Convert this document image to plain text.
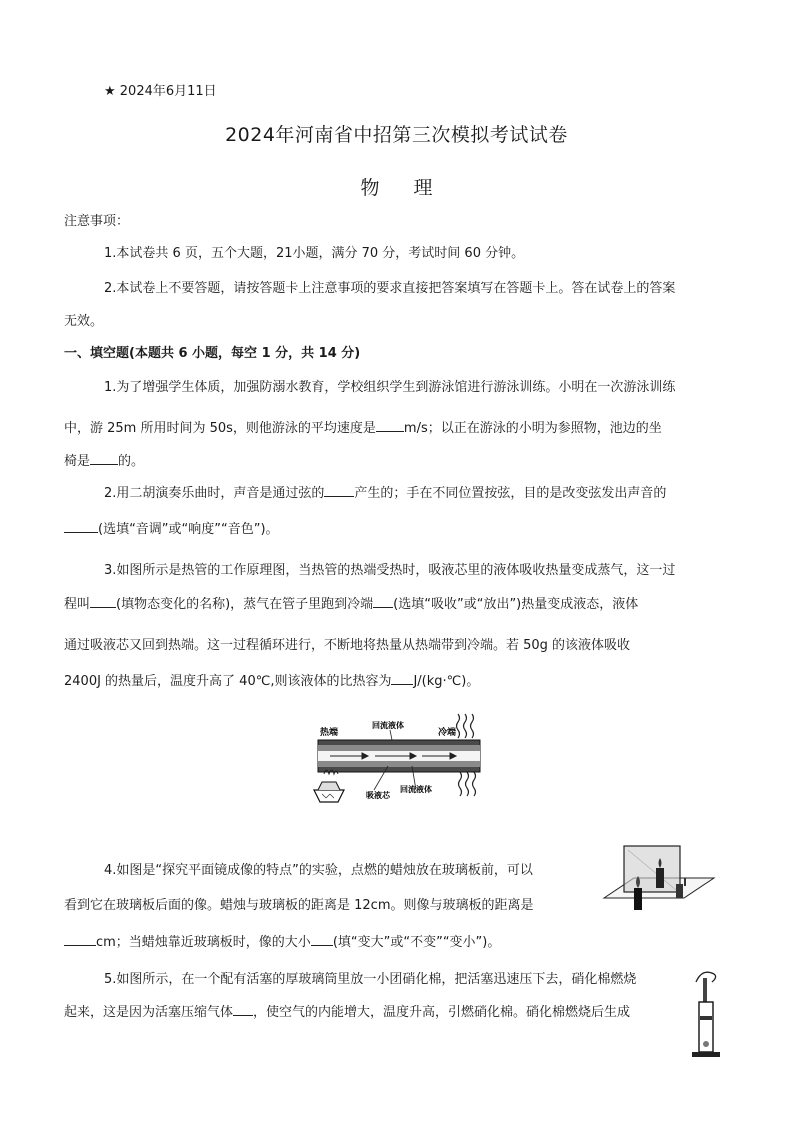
★ 2024年6月11日
2024年河南省中招第三次模拟考试试卷
物 理
注意事项：
1.本试卷共 6 页，五个大题，21小题，满分 70 分，考试时间 60 分钟。
2.本试卷上不要答题，请按答题卡上注意事项的要求直接把答案填写在答题卡上。答在试卷上的答案
无效。
一、填空题(本题共 6 小题，每空 1 分，共 14 分)
1.为了增强学生体质，加强防溺水教育，学校组织学生到游泳馆进行游泳训练。小明在一次游泳训练
中，游 25m 所用时间为 50s，则他游泳的平均速度是 m/s；以正在游泳的小明为参照物，池边的坐
椅是 的。
2.用二胡演奏乐曲时，声音是通过弦的 产生的；手在不同位置按弦，目的是改变弦发出声音的
(选填“音调”或“响度”“音色”)。
3.如图所示是热管的工作原理图，当热管的热端受热时，吸液芯里的液体吸收热量变成蒸气，这一过
程叫 (填物态变化的名称)，蒸气在管子里跑到冷端 (选填“吸收”或“放出”)热量变成液态，液体
通过吸液芯又回到热端。这一过程循环进行，不断地将热量从热端带到冷端。若 50g 的该液体吸收
2400J 的热量后，温度升高了 40℃,则该液体的比热容为 J/(kg·℃)。
热端
回流液体
冷端
吸液芯
回流液体
4.如图是“探究平面镜成像的特点”的实验，点燃的蜡烛放在玻璃板前，可以
看到它在玻璃板后面的像。蜡烛与玻璃板的距离是 12cm。则像与玻璃板的距离是
cm；当蜡烛靠近玻璃板时，像的大小 (填“变大”或“不变”“变小”)。
5.如图所示，在一个配有活塞的厚玻璃筒里放一小团硝化棉，把活塞迅速压下去，硝化棉燃烧
起来，这是因为活塞压缩气体 ，使空气的内能增大，温度升高，引燃硝化棉。硝化棉燃烧后生成
